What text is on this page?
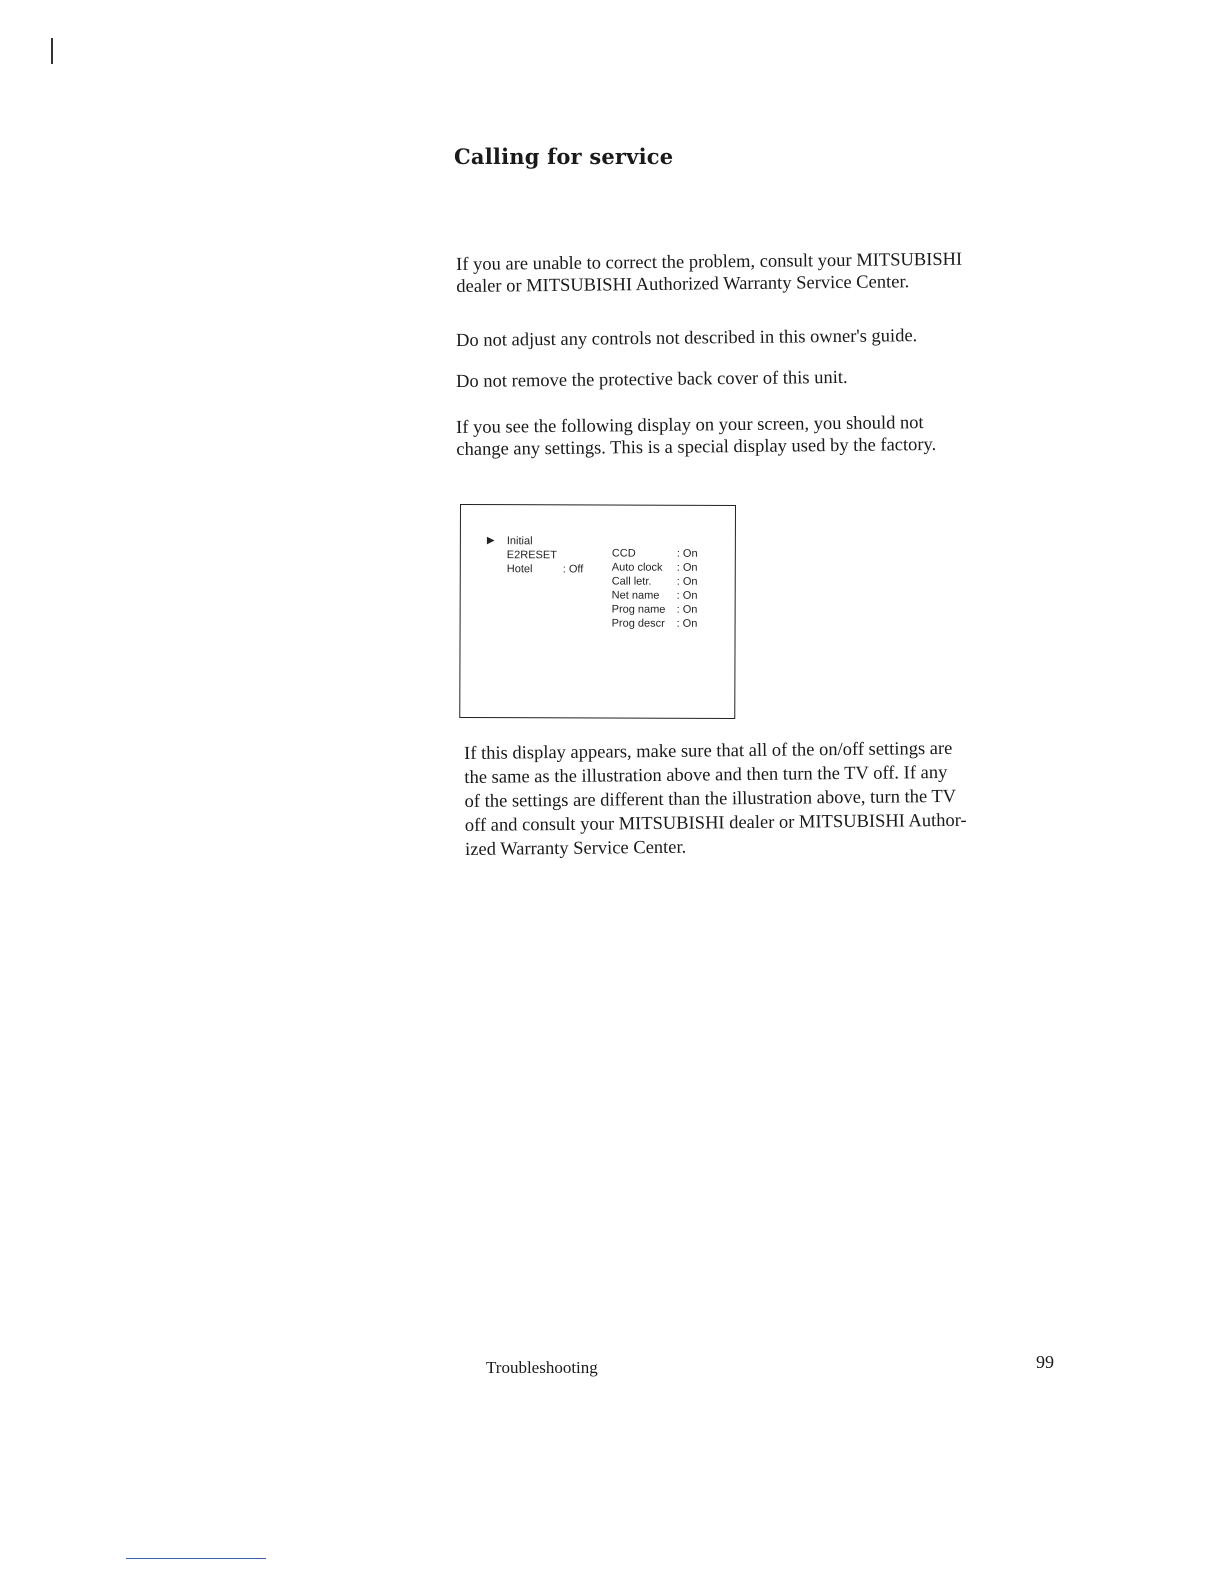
Calling for service
If you are unable to correct the problem, consult your MITSUBISHI
dealer or MITSUBISHI Authorized Warranty Service Center.
Do not adjust any controls not described in this owner's guide.
Do not remove the protective back cover of this unit.
If you see the following display on your screen, you should not
change any settings. This is a special display used by the factory.
▶ Initial
E2RESET
Hotel	: Off
CCD	: On
Auto clock : On
Call letr. : On
Net name : On
Prog name : On
Prog descr : On
If this display appears, make sure that all of the on/off settings are
the same as the illustration above and then turn the TV off. If any
of the settings are different than the illustration above, turn the TV
off and consult your MITSUBISHI dealer or MITSUBISHI Author-
ized Warranty Service Center.
Troubleshooting	99
